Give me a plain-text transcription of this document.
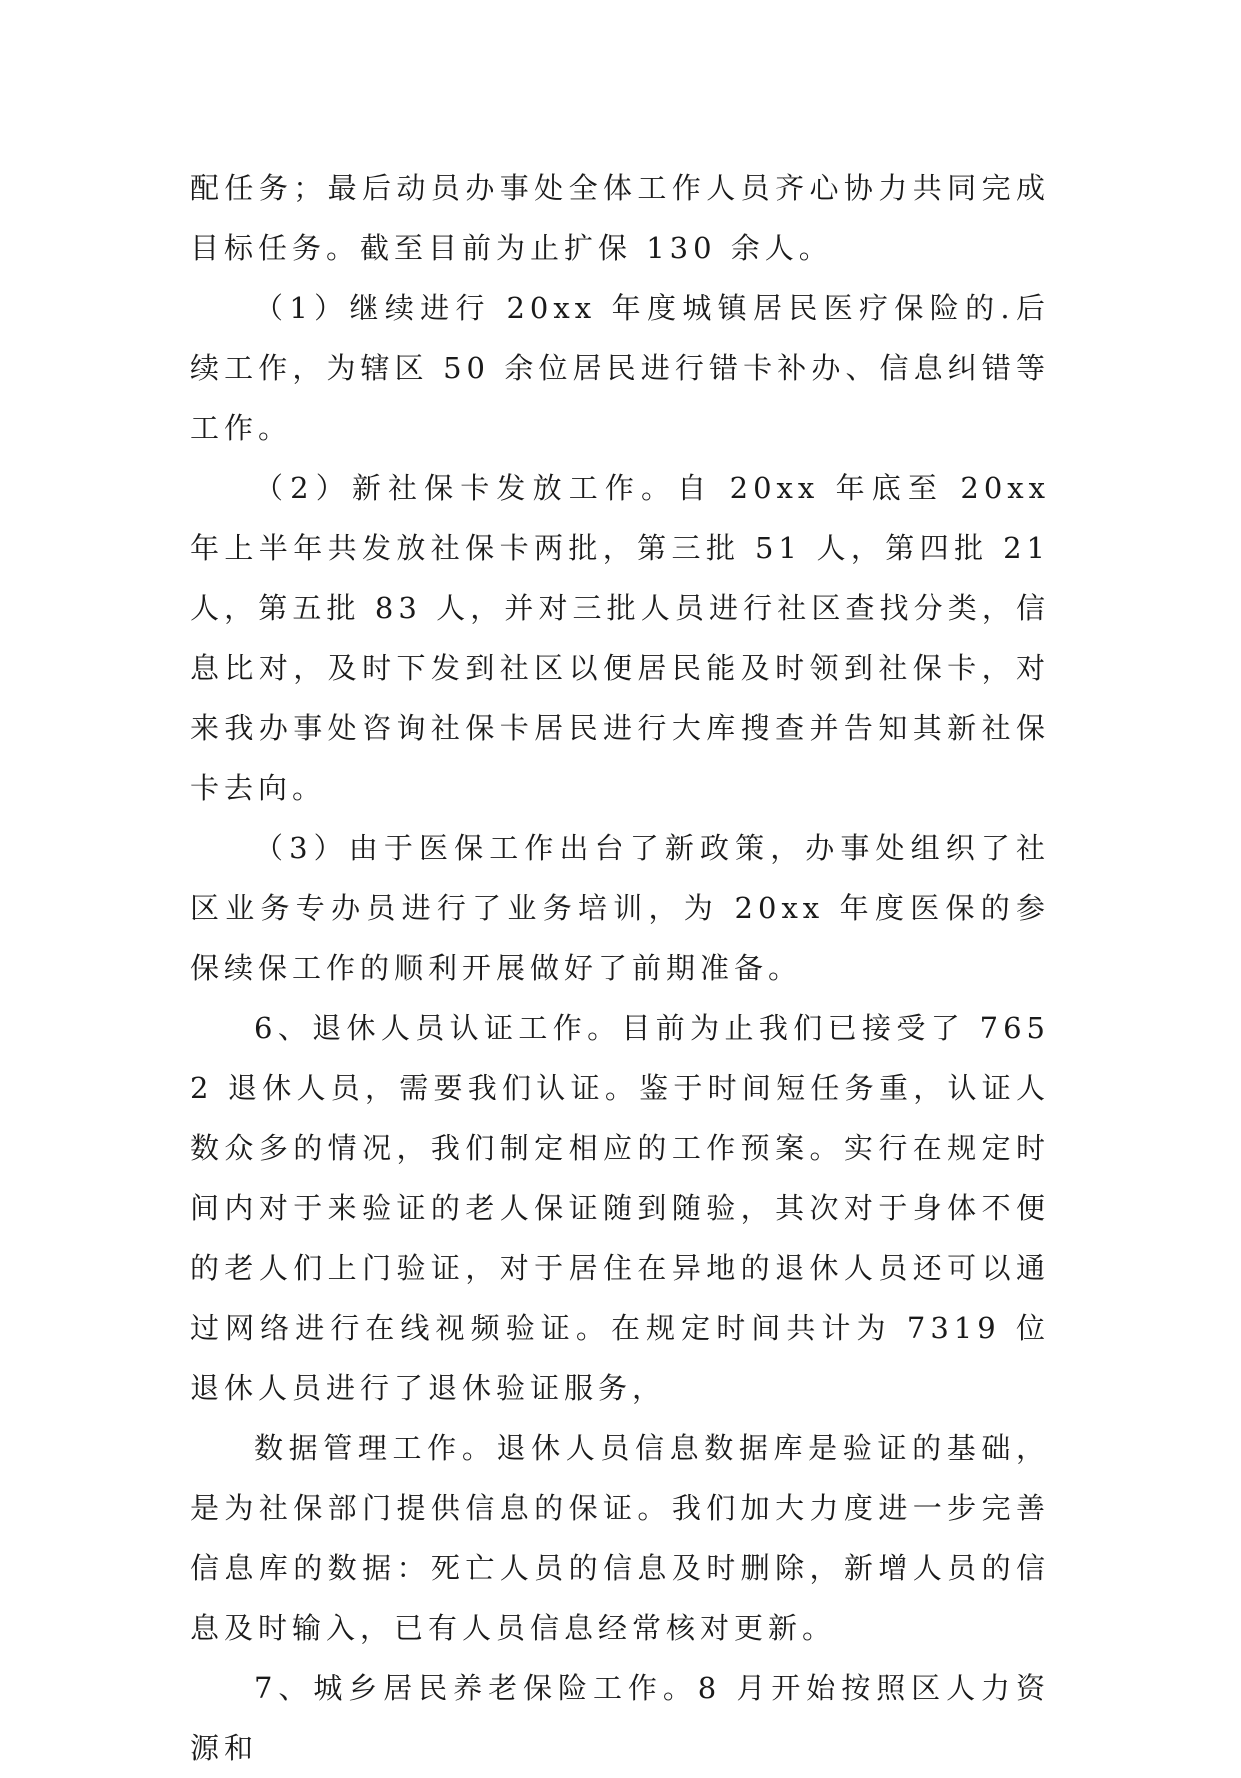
配任务；最后动员办事处全体工作人员齐心协力共同完成目标任务。截至目前为止扩保 130 余人。

（1）继续进行 20xx 年度城镇居民医疗保险的.后续工作，为辖区 50 余位居民进行错卡补办、信息纠错等工作。

（2）新社保卡发放工作。自 20xx 年底至 20xx 年上半年共发放社保卡两批，第三批 51 人，第四批 21 人，第五批 83 人，并对三批人员进行社区查找分类，信息比对，及时下发到社区以便居民能及时领到社保卡，对来我办事处咨询社保卡居民进行大库搜查并告知其新社保卡去向。

（3）由于医保工作出台了新政策，办事处组织了社区业务专办员进行了业务培训，为 20xx 年度医保的参保续保工作的顺利开展做好了前期准备。

6、退休人员认证工作。目前为止我们已接受了 7652 退休人员，需要我们认证。鉴于时间短任务重，认证人数众多的情况，我们制定相应的工作预案。实行在规定时间内对于来验证的老人保证随到随验，其次对于身体不便的老人们上门验证，对于居住在异地的退休人员还可以通过网络进行在线视频验证。在规定时间共计为 7319 位退休人员进行了退休验证服务，

数据管理工作。退休人员信息数据库是验证的基础，是为社保部门提供信息的保证。我们加大力度进一步完善信息库的数据：死亡人员的信息及时删除，新增人员的信息及时输入，已有人员信息经常核对更新。

7、城乡居民养老保险工作。8 月开始按照区人力资源和
